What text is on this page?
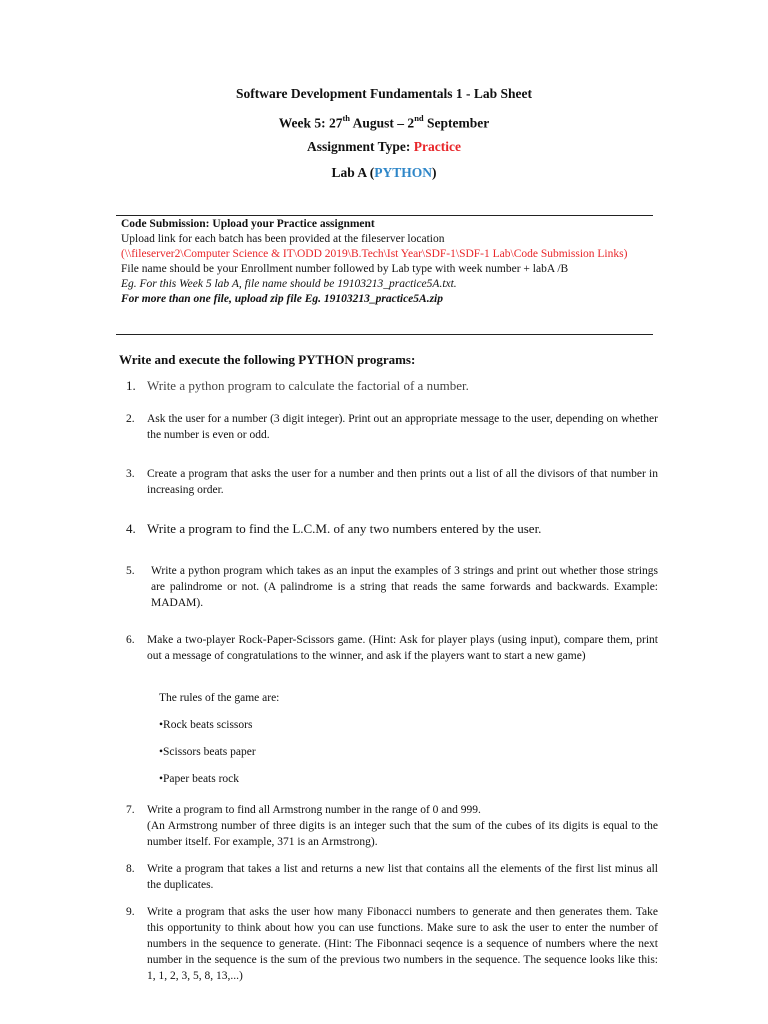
Software Development Fundamentals 1 - Lab Sheet
Week 5: 27th August – 2nd September
Assignment Type: Practice
Lab A (PYTHON)
Code Submission: Upload your Practice assignment
Upload link for each batch has been provided at the fileserver location
(\\fileserver2\Computer Science & IT\ODD 2019\B.Tech\Ist Year\SDF-1\SDF-1 Lab\Code Submission Links)
File name should be your Enrollment number followed by Lab type with week number + labA /B
Eg. For this Week 5 lab A, file name should be 19103213_practice5A.txt.
For more than one file, upload zip file Eg. 19103213_practice5A.zip
Write and execute the following PYTHON programs:
1. Write a python program to calculate the factorial of a number.
2. Ask the user for a number (3 digit integer). Print out an appropriate message to the user, depending on whether the number is even or odd.
3. Create a program that asks the user for a number and then prints out a list of all the divisors of that number in increasing order.
4. Write a program to find the L.C.M. of any two numbers entered by the user.
5. Write a python program which takes as an input the examples of 3 strings and print out whether those strings are palindrome or not. (A palindrome is a string that reads the same forwards and backwards. Example: MADAM).
6. Make a two-player Rock-Paper-Scissors game. (Hint: Ask for player plays (using input), compare them, print out a message of congratulations to the winner, and ask if the players want to start a new game)
The rules of the game are:
•Rock beats scissors
•Scissors beats paper
•Paper beats rock
7. Write a program to find all Armstrong number in the range of 0 and 999.
(An Armstrong number of three digits is an integer such that the sum of the cubes of its digits is equal to the number itself. For example, 371 is an Armstrong).
8. Write a program that takes a list and returns a new list that contains all the elements of the first list minus all the duplicates.
9. Write a program that asks the user how many Fibonacci numbers to generate and then generates them. Take this opportunity to think about how you can use functions. Make sure to ask the user to enter the number of numbers in the sequence to generate. (Hint: The Fibonnaci seqence is a sequence of numbers where the next number in the sequence is the sum of the previous two numbers in the sequence. The sequence looks like this: 1, 1, 2, 3, 5, 8, 13,...)
